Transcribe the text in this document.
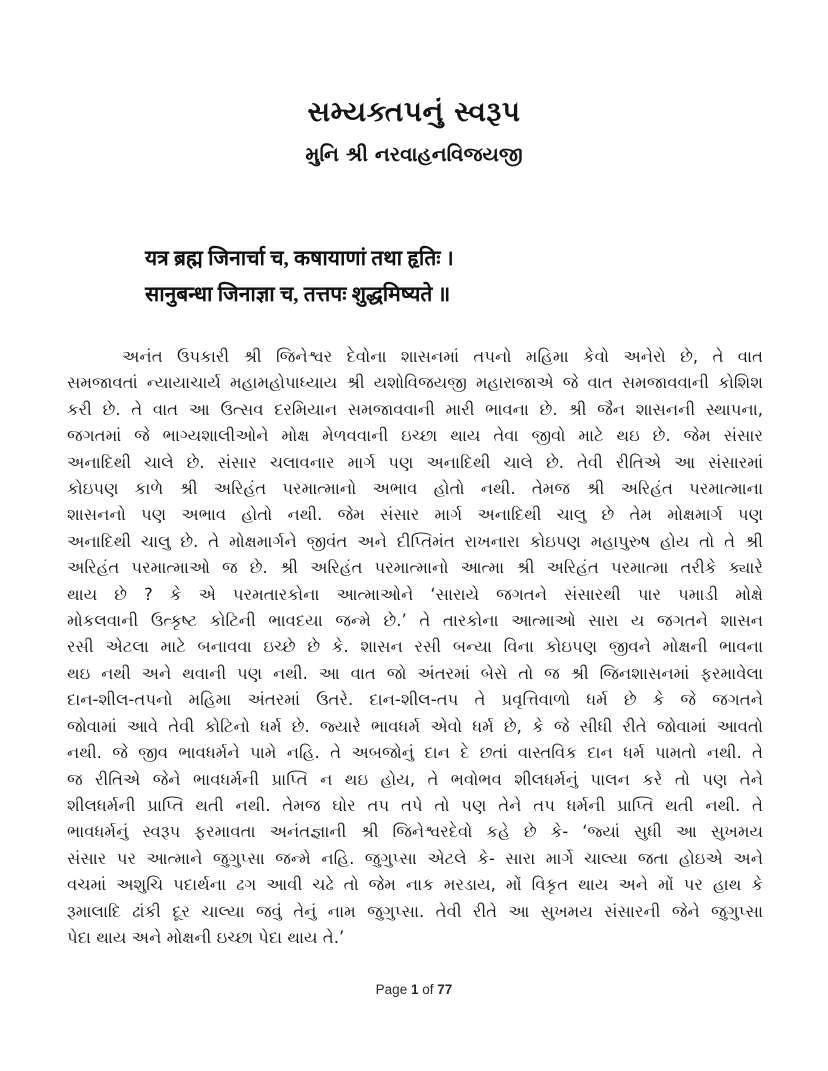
સમ્યક્તપનું સ્વરૂપ
મુનિ શ્રી નરવાહનવિજયજી
यत्र ब्रह्म जिनार्चा च, कषायाणां तथा हृतिः ।
सानुबन्धा जिनाज्ञा च, तत्तपः शुद्धमिष्यते ॥
અનંત ઉપકારી શ્રી જિનેશ્વર દેવોના શાસનમાં તપનો મહિમા કેવો અનેરો છે, તે વાત
સમજાવતાં ન્યાયાચાર્ય મહામહોપાધ્યાય શ્રી યશોવિજયજી મહારાજાએ જે વાત સમજાવવાની કોશિશ
કરી છે. તે વાત આ ઉત્સવ દરમિયાન સમજાવવાની મારી ભાવના છે. શ્રી જૈન શાસનની સ્થાપના,
જગતમાં જે ભાગ્યશાલીઓને મોક્ષ મેળવવાની ઇચ્છા થાય તેવા જીવો માટે થઇ છે. જેમ સંસાર
અનાદિથી ચાલે છે. સંસાર ચલાવનાર માર્ગ પણ અનાદિથી ચાલે છે. તેવી રીતિએ આ સંસારમાં
કોઇપણ કાળે શ્રી અરિહંત પરમાત્માનો અભાવ હોતો નથી. તેમજ શ્રી અરિહંત પરમાત્માના
શાસનનો પણ અભાવ હોતો નથી. જેમ સંસાર માર્ગ અનાદિથી ચાલુ છે તેમ મોક્ષમાર્ગ પણ
અનાદિથી ચાલુ છે. તે મોક્ષમાર્ગને જીવંત અને દીપ્તિમંત રાખનારા કોઇપણ મહાપુરુષ હોય તો તે શ્રી
અરિહંત પરમાત્માઓ જ છે. શ્રી અરિહંત પરમાત્માનો આત્મા શ્રી અરિહંત પરમાત્મા તરીકે ક્યારે
થાય છે ? કે એ પરમતારકોના આત્માઓને ‘સારાયે જગતને સંસારથી પાર પમાડી મોક્ષે
મોકલવાની ઉત્કૃષ્ટ કોટિની ભાવદયા જન્મે છે.’ તે તારકોના આત્માઓ સારા ય જગતને શાસન
રસી એટલા માટે બનાવવા ઇચ્છે છે કે. શાસન રસી બન્યા વિના કોઇપણ જીવને મોક્ષની ભાવના
થઇ નથી અને થવાની પણ નથી. આ વાત જો અંતરમાં બેસે તો જ શ્રી જિનશાસનમાં ફરમાવેલા
દાન-શીલ-તપનો મહિમા અંતરમાં ઉતરે. દાન-શીલ-તપ તે પ્રવૃત્તિવાળો ધર્મ છે કે જે જગતને
જોવામાં આવે તેવી કોટિનો ધર્મ છે. જ્યારે ભાવધર્મ એવો ધર્મ છે, કે જે સીધી રીતે જોવામાં આવતો
નથી. જે જીવ ભાવધર્મને પામે નહિ. તે અબજોનું દાન દે છતાં વાસ્તવિક દાન ધર્મ પામતો નથી. તે
જ રીતિએ જેને ભાવધર્મની પ્રાપ્તિ ન થઇ હોય, તે ભવોભવ શીલધર્મનું પાલન કરે તો પણ તેને
શીલધર્મની પ્રાપ્તિ થતી નથી. તેમજ ઘોર તપ તપે તો પણ તેને તપ ધર્મની પ્રાપ્તિ થતી નથી. તે
ભાવધર્મનું સ્વરૂપ ફરમાવતા અનંતજ્ઞાની શ્રી જિનેશ્વરદેવો કહે છે કે- ‘જ્યાં સુધી આ સુખમય
સંસાર પર આત્માને જુગુપ્સા જન્મે નહિ. જુગુપ્સા એટલે કે- સારા માર્ગે ચાલ્યા જતા હોઇએ અને
વચમાં અશુચિ પદાર્થના ઢગ આવી ચઢે તો જેમ નાક મરડાય, મોં વિકૃત થાય અને મોં પર હાથ કે
રૂમાલાદિ ઢાંકી દૂર ચાલ્યા જવું તેનું નામ જુગુપ્સા. તેવી રીતે આ સુખમય સંસારની જેને જુગુપ્સા
પેદા થાય અને મોક્ષની ઇચ્છા પેદા થાય તે.’
Page 1 of 77
